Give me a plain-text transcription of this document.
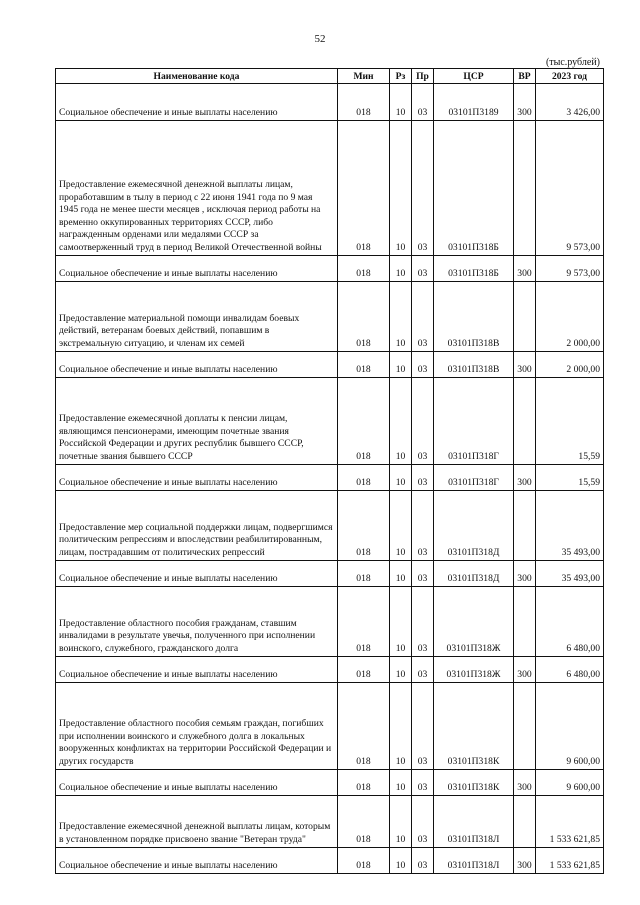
52
(тыс.рублей)
Наименование кода	Мин	Рз	Пр	ЦСР	ВР	2023 год
Социальное обеспечение и иные выплаты населению	018	10	03	03101П3189	300	3 426,00
Предоставление ежемесячной денежной выплаты лицам, проработавшим в тылу в период с 22 июня 1941 года по 9 мая 1945 года не менее шести месяцев , исключая период работы на временно оккупированных территориях СССР, либо награжденным орденами или медалями СССР за самоотверженный труд в период Великой Отечественной войны	018	10	03	03101П318Б		9 573,00
Социальное обеспечение и иные выплаты населению	018	10	03	03101П318Б	300	9 573,00
Предоставление материальной помощи инвалидам боевых действий, ветеранам боевых действий, попавшим в экстремальную ситуацию, и членам их семей	018	10	03	03101П318В		2 000,00
Социальное обеспечение и иные выплаты населению	018	10	03	03101П318В	300	2 000,00
Предоставление ежемесячной доплаты к пенсии лицам, являющимся пенсионерами, имеющим почетные звания Российской Федерации и других республик бывшего СССР, почетные звания бывшего СССР	018	10	03	03101П318Г		15,59
Социальное обеспечение и иные выплаты населению	018	10	03	03101П318Г	300	15,59
Предоставление мер социальной поддержки лицам, подвергшимся политическим репрессиям и впоследствии реабилитированным, лицам, пострадавшим от политических репрессий	018	10	03	03101П318Д		35 493,00
Социальное обеспечение и иные выплаты населению	018	10	03	03101П318Д	300	35 493,00
Предоставление областного пособия гражданам, ставшим инвалидами в результате увечья, полученного при исполнении воинского, служебного, гражданского долга	018	10	03	03101П318Ж		6 480,00
Социальное обеспечение и иные выплаты населению	018	10	03	03101П318Ж	300	6 480,00
Предоставление областного пособия семьям граждан, погибших при исполнении воинского и служебного долга в локальных вооруженных конфликтах на территории Российской Федерации и других государств	018	10	03	03101П318К		9 600,00
Социальное обеспечение и иные выплаты населению	018	10	03	03101П318К	300	9 600,00
Предоставление ежемесячной денежной выплаты лицам, которым в установленном порядке присвоено звание "Ветеран труда"	018	10	03	03101П318Л		1 533 621,85
Социальное обеспечение и иные выплаты населению	018	10	03	03101П318Л	300	1 533 621,85
